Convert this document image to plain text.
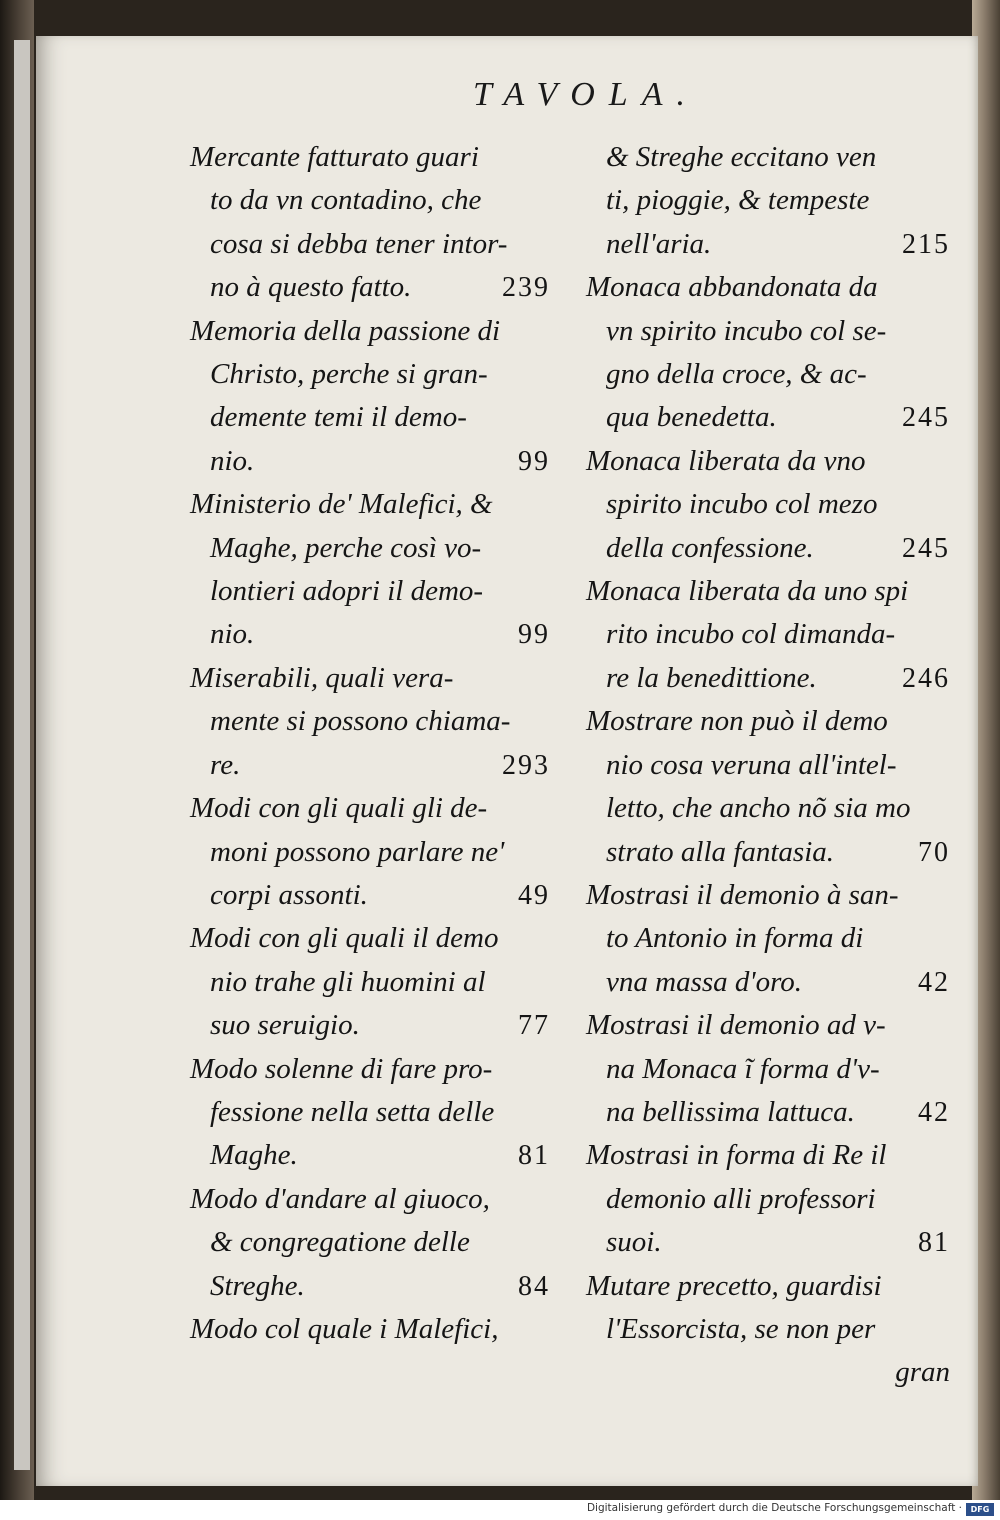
TAVOLA.
Mercante fatturato guari
to da vn contadino, che
cosa si debba tener intor-
239
no à questo fatto.
Memoria della passione di
Christo, perche si gran-
demente temi il demo-
99
nio.
Ministerio de' Malefici, &
Maghe, perche così vo-
lontieri adopri il demo-
99
nio.
Miserabili, quali vera-
mente si possono chiama-
293
re.
Modi con gli quali gli de-
moni possono parlare ne'
49
corpi assonti.
Modi con gli quali il demo
nio trahe gli huomini al
77
suo seruigio.
Modo solenne di fare pro-
fessione nella setta delle
81
Maghe.
Modo d'andare al giuoco,
& congregatione delle
84
Streghe.
Modo col quale i Malefici,
& Streghe eccitano ven
ti, pioggie, & tempeste
215
nell'aria.
Monaca abbandonata da
vn spirito incubo col se-
gno della croce, & ac-
245
qua benedetta.
Monaca liberata da vno
spirito incubo col mezo
245
della confessione.
Monaca liberata da uno spi
rito incubo col dimanda-
246
re la benedittione.
Mostrare non può il demo
nio cosa veruna all'intel-
letto, che ancho nõ sia mo
70
strato alla fantasia.
Mostrasi il demonio à san-
to Antonio in forma di
42
vna massa d'oro.
Mostrasi il demonio ad v-
na Monaca ĩ forma d'v-
42
na bellissima lattuca.
Mostrasi in forma di Re il
demonio alli professori
81
suoi.
Mutare precetto, guardisi
l'Essorcista, se non per
gran
Digitalisierung gefördert durch die Deutsche Forschungsgemeinschaft ·	DFG
